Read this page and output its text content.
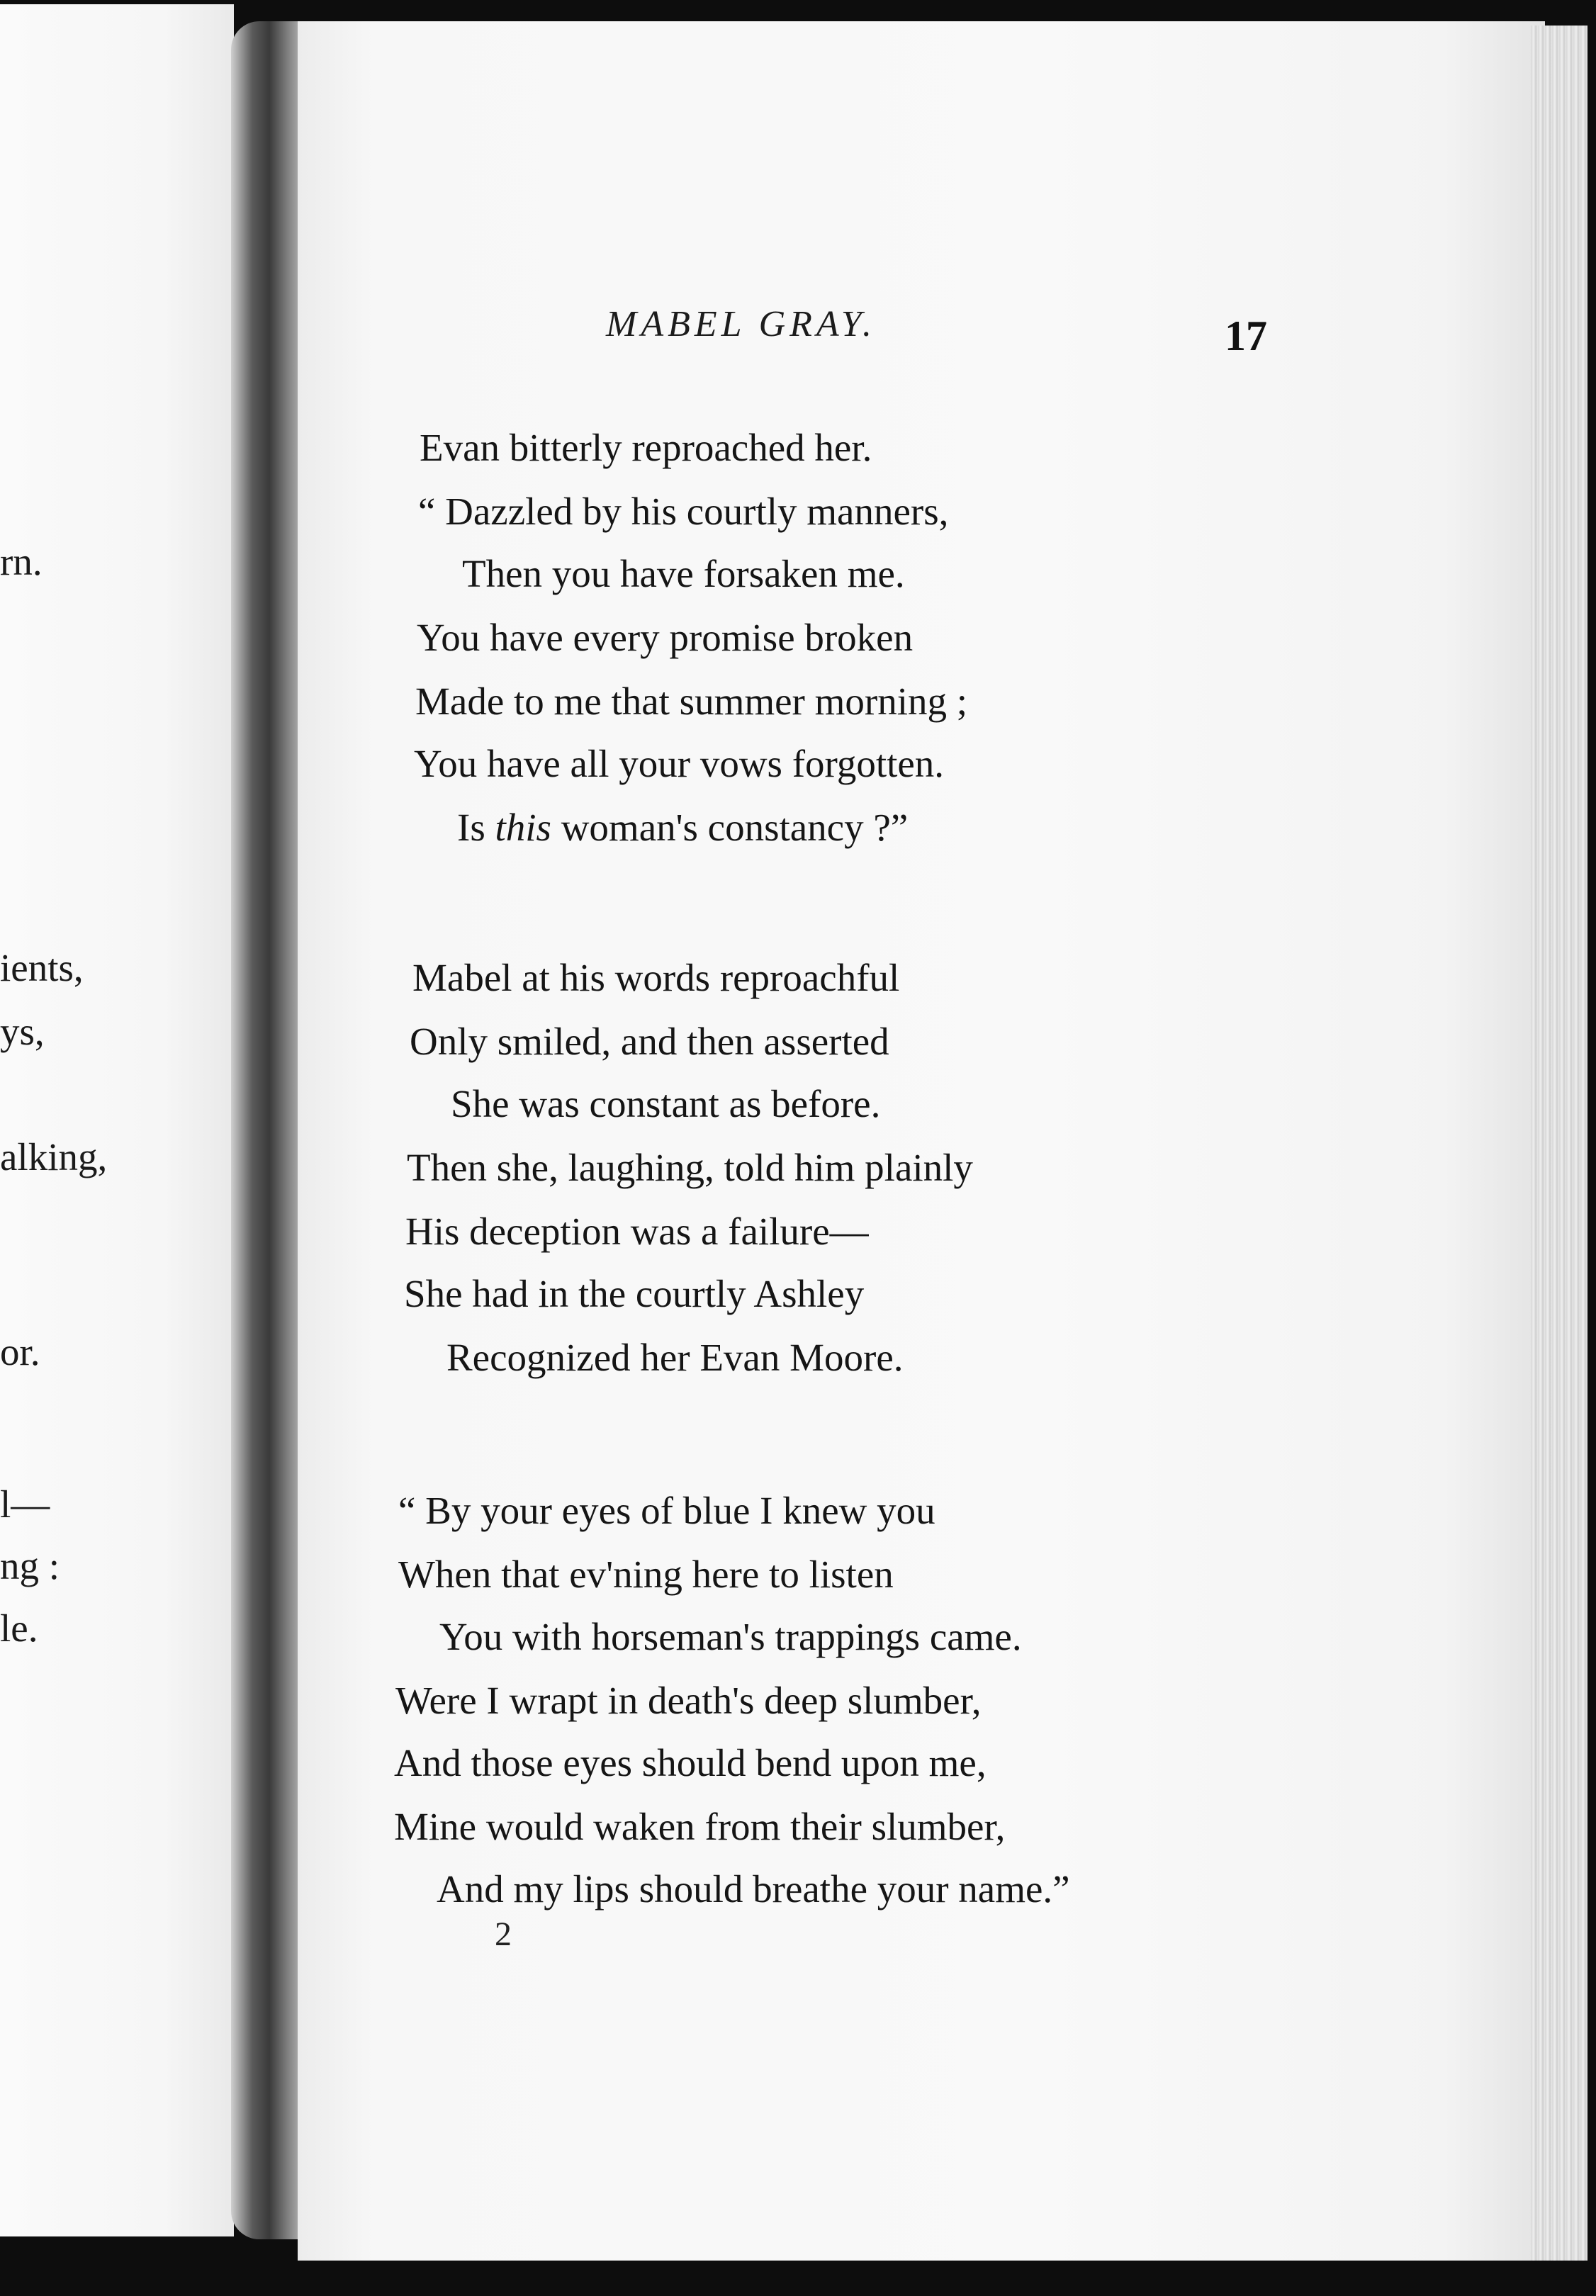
rn.
ients,
ys,
alking,
or.
l—
ng :
le.
MABEL GRAY.	17
Evan bitterly reproached her.
“ Dazzled by his courtly manners,
Then you have forsaken me.
You have every promise broken
Made to me that summer morning ;
You have all your vows forgotten.
Is this woman's constancy ?”
Mabel at his words reproachful
Only smiled, and then asserted
She was constant as before.
Then she, laughing, told him plainly
His deception was a failure—
She had in the courtly Ashley
Recognized her Evan Moore.
“ By your eyes of blue I knew you
When that ev'ning here to listen
You with horseman's trappings came.
Were I wrapt in death's deep slumber,
And those eyes should bend upon me,
Mine would waken from their slumber,
And my lips should breathe your name.”
2
